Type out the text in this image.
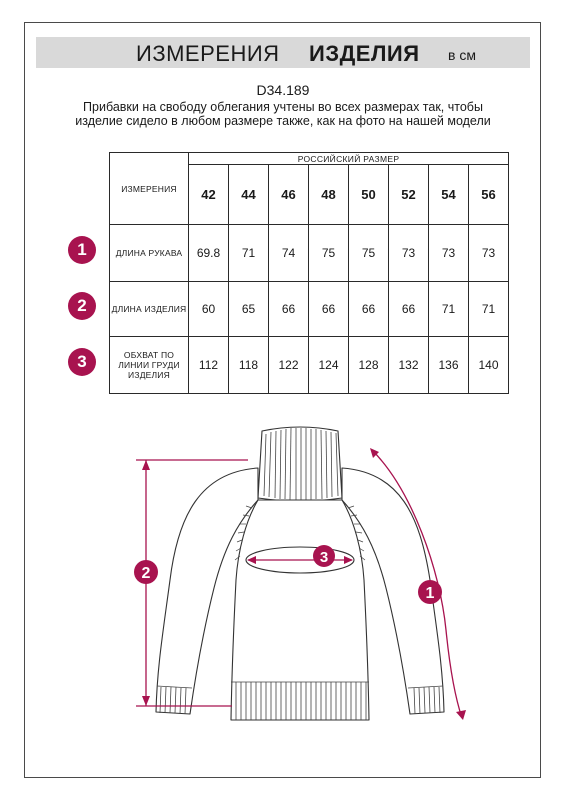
ИЗМЕРЕНИЯ ИЗДЕЛИЯ в см
D34.189
Прибавки на свободу облегания учтены во всех размерах так, чтобы изделие сидело в любом размере также, как на фото на нашей модели
ИЗМЕРЕНИЯ	РОССИЙСКИЙ РАЗМЕР							
	42	44	46	48	50	52	54	56
ДЛИНА РУКАВА	69.8	71	74	75	75	73	73	73
ДЛИНА ИЗДЕЛИЯ	60	65	66	66	66	66	71	71
ОБХВАТ ПО ЛИНИИ ГРУДИ ИЗДЕЛИЯ	112	118	122	124	128	132	136	140
1
2
3
2
3
1
